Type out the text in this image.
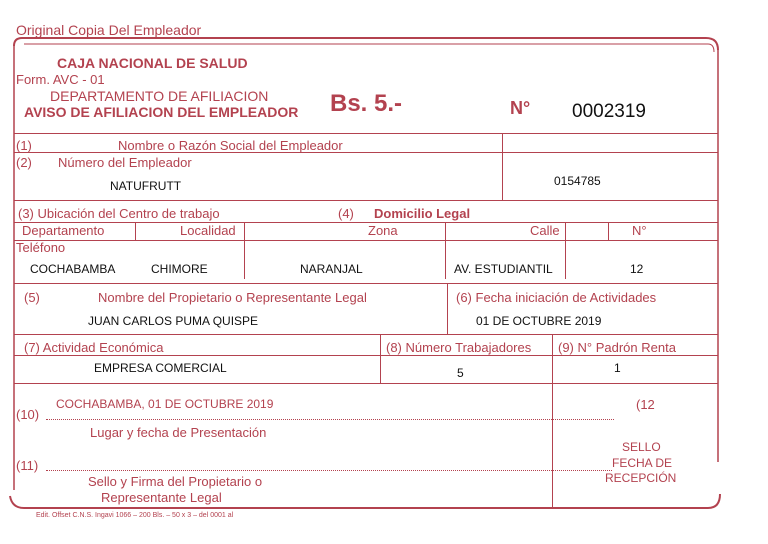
Original Copia Del Empleador
CAJA NACIONAL DE SALUD
Form. AVC - 01
DEPARTAMENTO DE AFILIACION
AVISO DE AFILIACION DEL EMPLEADOR Bs. 5.-	N° 0002319
(1)	Nombre o Razón Social del Empleador
(2) Número del Empleador
NATUFRUTT	0154785
(3) Ubicación del Centro de trabajo	(4) Domicilio Legal
Departamento	Localidad	Zona	Calle	N°
Teléfono
COCHABAMBA	CHIMORE	NARANJAL	AV. ESTUDIANTIL	12
(5)	Nombre del Propietario o Representante Legal	(6) Fecha iniciación de Actividades
JUAN CARLOS PUMA QUISPE	01 DE OCTUBRE 2019
(7) Actividad Económica	(8) Número Trabajadores (9) N° Padrón Renta
EMPRESA COMERCIAL	5	1
COCHABAMBA, 01 DE OCTUBRE 2019
(10)
Lugar y fecha de Presentación
(12
(11)
Sello y Firma del Propietario o
Representante Legal
SELLO
FECHA DE
RECEPCIÓN
Edit. Offset C.N.S. Ingavi 1066 – 200 Bls. – 50 x 3 – del 0001 al
